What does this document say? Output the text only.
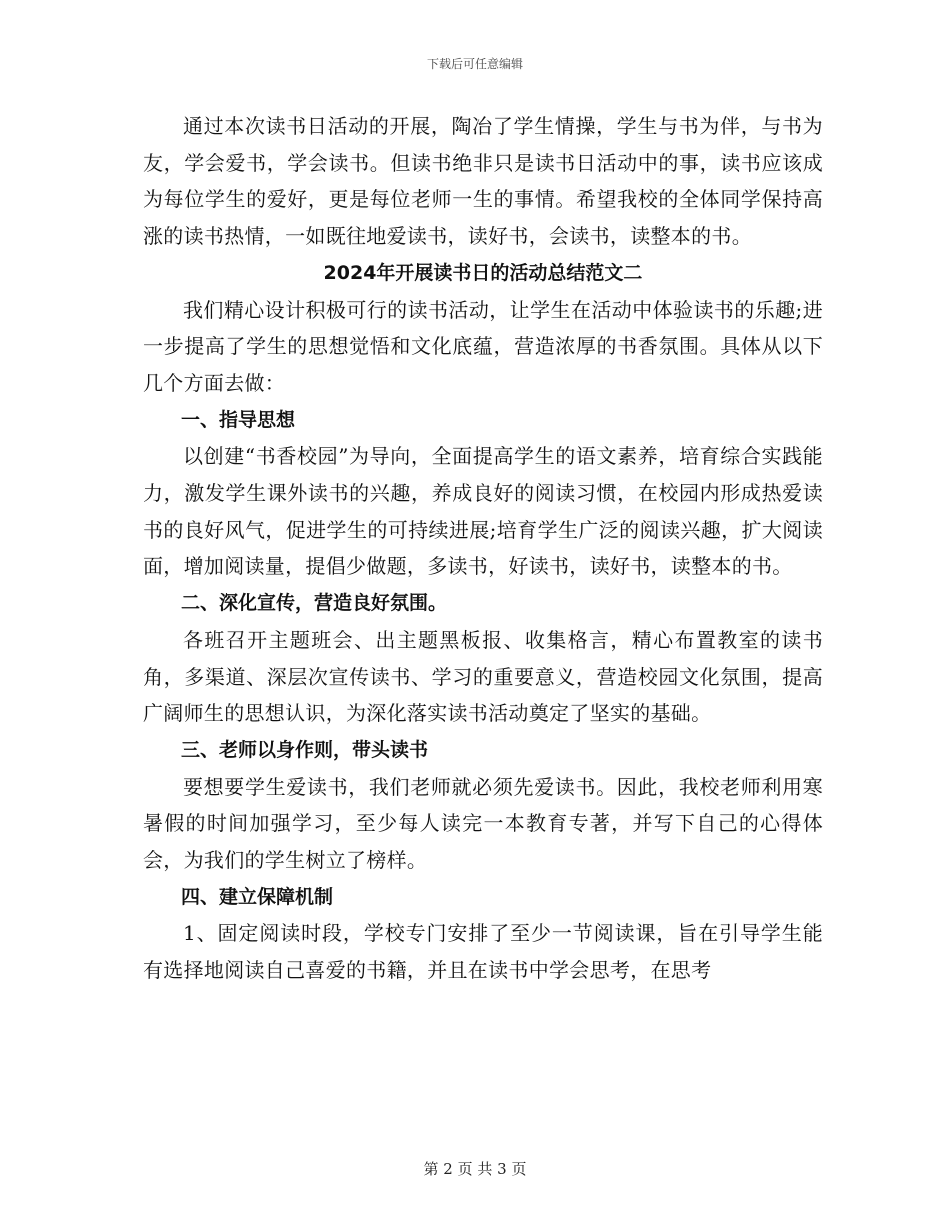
下载后可任意编辑

通过本次读书日活动的开展，陶冶了学生情操，学生与书为伴，与书为友，学会爱书，学会读书。但读书绝非只是读书日活动中的事，读书应该成为每位学生的爱好，更是每位老师一生的事情。希望我校的全体同学保持高涨的读书热情，一如既往地爱读书，读好书，会读书，读整本的书。

2024年开展读书日的活动总结范文二

我们精心设计积极可行的读书活动，让学生在活动中体验读书的乐趣;进一步提高了学生的思想觉悟和文化底蕴，营造浓厚的书香氛围。具体从以下几个方面去做：

一、指导思想

以创建“书香校园”为导向，全面提高学生的语文素养，培育综合实践能力，激发学生课外读书的兴趣，养成良好的阅读习惯，在校园内形成热爱读书的良好风气，促进学生的可持续进展;培育学生广泛的阅读兴趣，扩大阅读面，增加阅读量，提倡少做题，多读书，好读书，读好书，读整本的书。

二、深化宣传，营造良好氛围。

各班召开主题班会、出主题黑板报、收集格言，精心布置教室的读书角，多渠道、深层次宣传读书、学习的重要意义，营造校园文化氛围，提高广阔师生的思想认识，为深化落实读书活动奠定了坚实的基础。

三、老师以身作则，带头读书

要想要学生爱读书，我们老师就必须先爱读书。因此，我校老师利用寒暑假的时间加强学习，至少每人读完一本教育专著，并写下自己的心得体会，为我们的学生树立了榜样。

四、建立保障机制

1、固定阅读时段，学校专门安排了至少一节阅读课，旨在引导学生能有选择地阅读自己喜爱的书籍，并且在读书中学会思考，在思考

第 2 页 共 3 页
